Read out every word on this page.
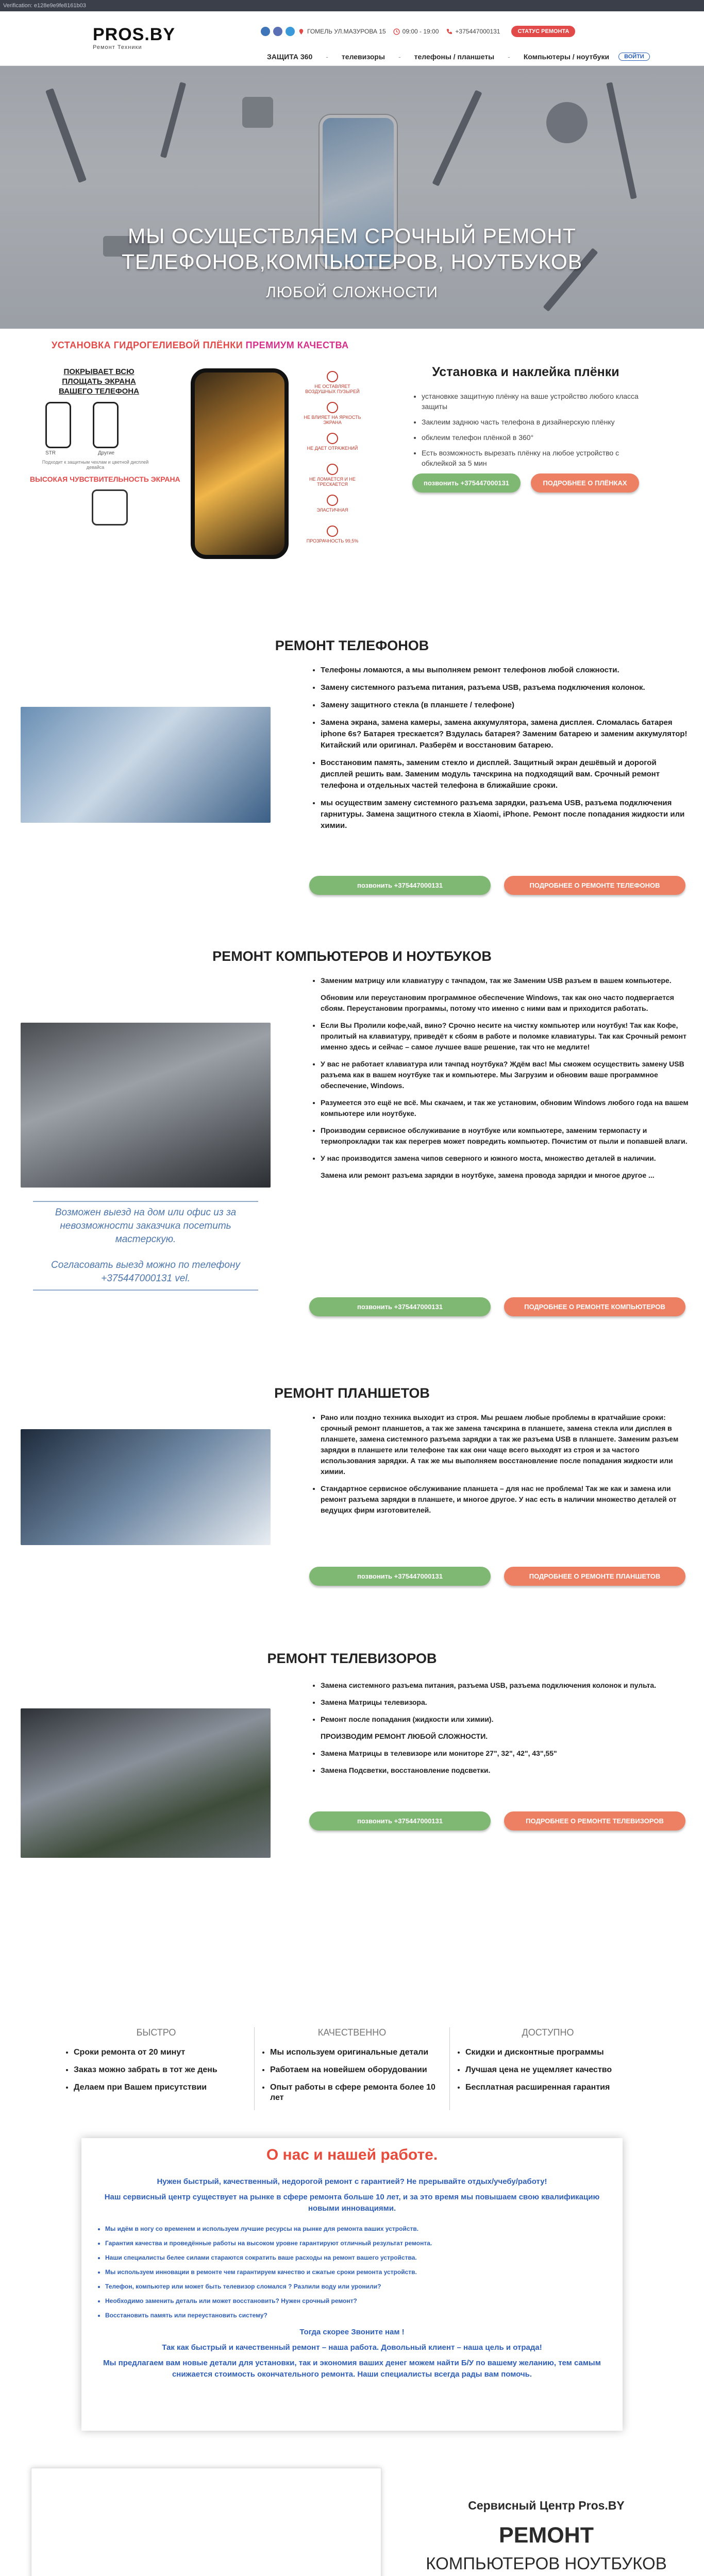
Verification: e128e9e9fe8161b03
PROS.BY
Ремонт Техники
ГОМЕЛЬ УЛ.МАЗУРОВА 15	09:00 - 19:00	+375447000131	СТАТУС РЕМОНТА
ЗАЩИТА 360 - телевизоры - телефоны / планшеты - Компьютеры / ноутбуки	ВОЙТИ
МЫ ОСУЩЕСТВЛЯЕМ СРОЧНЫЙ РЕМОНТ
ТЕЛЕФОНОВ,КОМПЬЮТЕРОВ, НОУТБУКОВ
ЛЮБОЙ СЛОЖНОСТИ
УСТАНОВКА ГИДРОГЕЛИЕВОЙ ПЛЁНКИ ПРЕМИУМ КАЧЕСТВА
ПОКРЫВАЕТ ВСЮ ПЛОЩАТЬ ЭКРАНА ВАШЕГО ТЕЛЕФОНА
STR	Другие
Подходит к защитным чехлам и цветной дисплей девайса
ВЫСОКАЯ ЧУВСТВИТЕЛЬНОСТЬ ЭКРАНА
НЕ ОСТАВЛЯЕТ ВОЗДУШНЫХ ПУЗЫРЕЙ
НЕ ВЛИЯЕТ НА ЯРКОСТЬ ЭКРАНА
НЕ ДАЕТ ОТРАЖЕНИЙ
НЕ ЛОМАЕТСЯ И НЕ ТРЕСКАЕТСЯ
ЭЛАСТИЧНАЯ
ПРОЗРАЧНОСТЬ 99,5%
Установка и наклейка плёнки
• установкке защитную плёнку на ваше устройство любого класса защиты
• Заклеим заднюю часть телефона в дизайнерскую плёнку
• обклеим телефон плёнкой в 360°
• Есть возможность вырезать плёнку на любое устройство с обклейкой за 5 мин
позвонить +375447000131	ПОДРОБНЕЕ О ПЛЁНКАХ
РЕМОНТ ТЕЛЕФОНОВ
• Телефоны ломаются, а мы выполняем ремонт телефонов любой сложности.
• Замену системного разъема питания, разъема USB, разъема подключения колонок.
• Замену защитного стекла (в планшете / телефоне)
• Замена экрана, замена камеры, замена аккумулятора, замена дисплея. Сломалась батарея iphone 6s? Батарея трескается? Вздулась батарея? Заменим батарею и заменим аккумулятор! Китайский или оригинал. Разберём и восстановим батарею.
• Восстановим память, заменим стекло и дисплей. Защитный экран дешёвый и дорогой дисплей решить вам. Заменим модуль тачскрина на подходящий вам. Срочный ремонт телефона и отдельных частей телефона в ближайшие сроки.
• мы осуществим замену системного разъема зарядки, разъема USB, разъема подключения гарнитуры. Замена защитного стекла в Xiaomi, iPhone. Ремонт после попадания жидкости или химии.
позвонить +375447000131	ПОДРОБНЕЕ О РЕМОНТЕ ТЕЛЕФОНОВ
РЕМОНТ КОМПЬЮТЕРОВ И НОУТБУКОВ
Возможен выезд на дом или офис из за невозможности заказчика посетить мастерскую.
Согласовать выезд можно по телефону +375447000131 vel.
• Заменим матрицу или клавиатуру с тачпадом, так же Заменим USB разъем в вашем компьютере.

Обновим или переустановим программное обеспечение Windows, так как оно часто подвергается сбоям. Переустановим программы, потому что именно с ними вам и приходится работать.

• Если Вы Пролили кофе,чай, вино? Срочно несите на чистку компьютер или ноутбук! Так как Кофе, пролитый на клавиатуру, приведёт к сбоям в работе и поломке клавиатуры. Так как Срочный ремонт именно здесь и сейчас – самое лучшее ваше решение, так что не медлите!
• У вас не работает клавиатура или тачпад ноутбука? Ждём вас! Мы сможем осуществить замену USB разъема как в вашем ноутбуке так и компьютере. Мы Загрузим и обновим ваше программное обеспечение, Windows.
• Разумеется это ещё не всё. Мы скачаем, и так же установим, обновим Windows любого года на вашем компьютере или ноутбуке.
• Производим сервисное обслуживание в ноутбуке или компьютере, заменим термопасту и термопрокладки так как перегрев может повредить компьютер. Почистим от пыли и попавшей влаги.
• У нас производится замена чипов северного и южного моста, множество деталей в наличии.

Замена или ремонт разъема зарядки в ноутбуке, замена провода зарядки и многое другое ...

позвонить +375447000131	ПОДРОБНЕЕ О РЕМОНТЕ КОМПЬЮТЕРОВ
РЕМОНТ ПЛАНШЕТОВ
• Рано или поздно техника выходит из строя. Мы решаем любые проблемы в кратчайшие сроки: срочный ремонт планшетов, а так же замена тачскрина в планшете, замена стекла или дисплея в планшете, замена системного разъема зарядки а так же разъема USB в планшете. Заменим разъем зарядки в планшете или телефоне так как они чаще всего выходят из строя и за частого использования зарядки. А так же мы выполняем восстановление после попадания жидкости или химии.
• Стандартное сервисное обслуживание планшета – для нас не проблема! Так же как и замена или ремонт разъема зарядки в планшете, и многое другое. У нас есть в наличии множество деталей от ведущих фирм изготовителей.
позвонить +375447000131	ПОДРОБНЕЕ О РЕМОНТЕ ПЛАНШЕТОВ
РЕМОНТ ТЕЛЕВИЗОРОВ
• Замена системного разъема питания, разъема USB, разъема подключения колонок и пульта.
• Замена Матрицы телевизора.
• Ремонт после попадания (жидкости или химии).

ПРОИЗВОДИМ РЕМОНТ ЛЮБОЙ СЛОЖНОСТИ.

• Замена Матрицы в телевизоре или мониторе 27", 32", 42", 43",55"
• Замена Подсветки, восстановление подсветки.
позвонить +375447000131	ПОДРОБНЕЕ О РЕМОНТЕ ТЕЛЕВИЗОРОВ
БЫСТРО
• Сроки ремонта от 20 минут
• Заказ можно забрать в тот же день
• Делаем при Вашем присутствии
КАЧЕСТВЕННО
• Мы используем оригинальные детали
• Работаем на новейшем оборудовании
• Опыт работы в сфере ремонта более 10 лет
ДОСТУПНО
• Скидки и дисконтные программы
• Лучшая цена не ущемляет качество
• Бесплатная расширенная гарантия
О нас и нашей работе.
Нужен быстрый, качественный, недорогой ремонт с гарантией? Не прерывайте отдых/учебу/работу!
Наш сервисный центр существует на рынке в сфере ремонта больше 10 лет, и за это время мы повышаем свою квалификацию новыми инновациями.
• Мы идём в ногу со временем и используем лучшие ресурсы на рынке для ремонта ваших устройств.
• Гарантия качества и проведённые работы на высоком уровне гарантируют отличный результат ремонта.
• Наши специалисты белее силами стараются сократить ваше расходы на ремонт вашего устройства.
• Мы используем инновации в ремонте чем гарантируем качество и сжатые сроки ремонта устройств.
• Телефон, компьютер или может быть телевизор сломался ? Разлили воду или уронили?
• Необходимо заменить деталь или может восстановить? Нужен срочный ремонт?
• Восстановить память или переустановить систему?
Тогда скорее Звоните нам !
Так как быстрый и качественный ремонт – наша работа. Довольный клиент – наша цель и отрада!
Мы предлагаем вам новые детали для установки, так и экономия ваших денег можем найти Б/У по вашему желанию, тем самым снижается стоимость окончательного ремонта. Наши специалисты всегда рады вам помочь.
Сервисный Центр Pros.BY
РЕМОНТ
КОМПЬЮТЕРОВ НОУТБУКОВ
